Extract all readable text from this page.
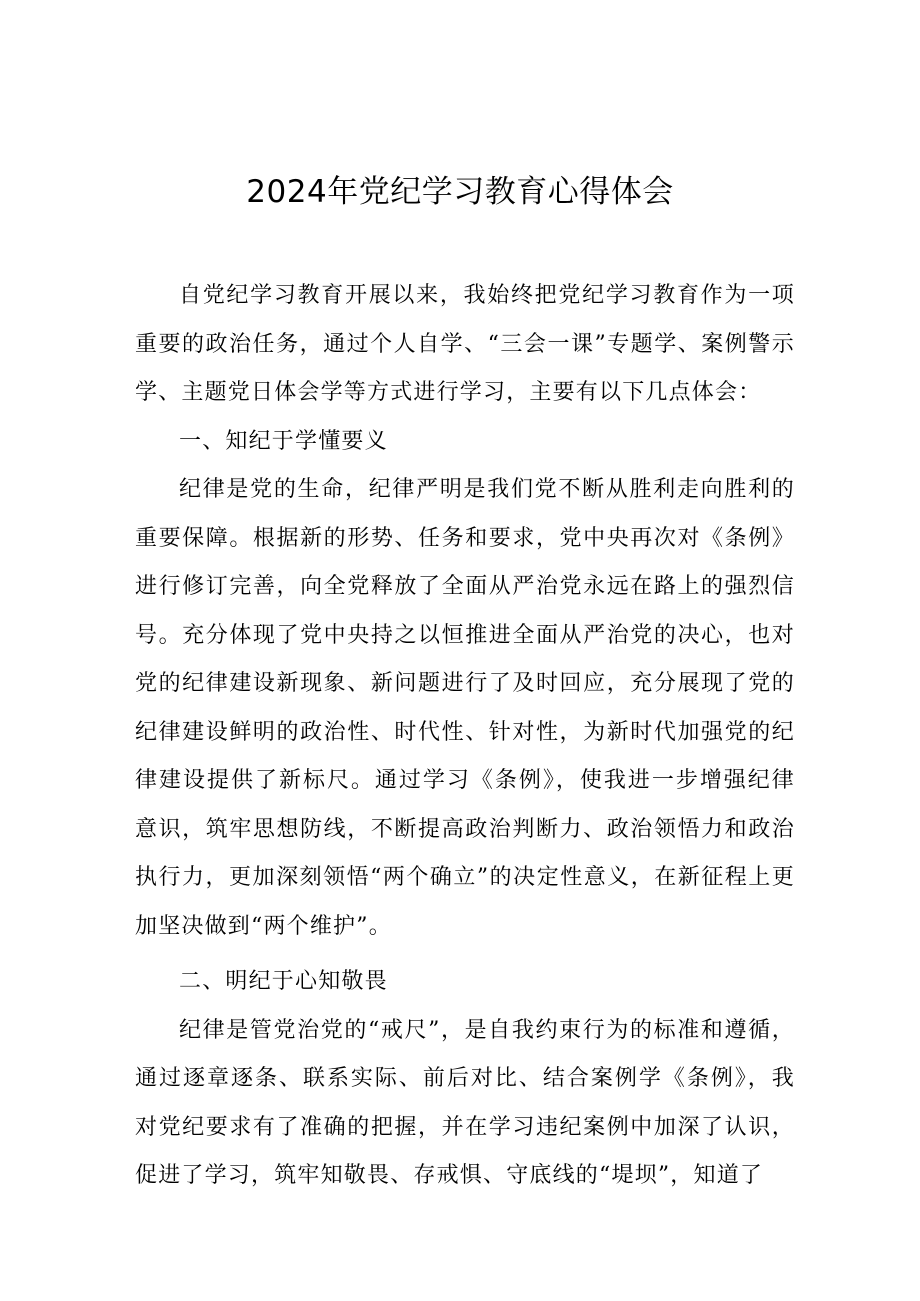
2024年党纪学习教育心得体会

自党纪学习教育开展以来，我始终把党纪学习教育作为一项重要的政治任务，通过个人自学、“三会一课”专题学、案例警示学、主题党日体会学等方式进行学习，主要有以下几点体会：

一、知纪于学懂要义

纪律是党的生命，纪律严明是我们党不断从胜利走向胜利的重要保障。根据新的形势、任务和要求，党中央再次对《条例》进行修订完善，向全党释放了全面从严治党永远在路上的强烈信号。充分体现了党中央持之以恒推进全面从严治党的决心，也对党的纪律建设新现象、新问题进行了及时回应，充分展现了党的纪律建设鲜明的政治性、时代性、针对性，为新时代加强党的纪律建设提供了新标尺。通过学习《条例》，使我进一步增强纪律意识，筑牢思想防线，不断提高政治判断力、政治领悟力和政治执行力，更加深刻领悟“两个确立”的决定性意义，在新征程上更加坚决做到“两个维护”。

二、明纪于心知敬畏

纪律是管党治党的“戒尺”，是自我约束行为的标准和遵循，通过逐章逐条、联系实际、前后对比、结合案例学《条例》，我对党纪要求有了准确的把握，并在学习违纪案例中加深了认识，促进了学习，筑牢知敬畏、存戒惧、守底线的“堤坝”，知道了
